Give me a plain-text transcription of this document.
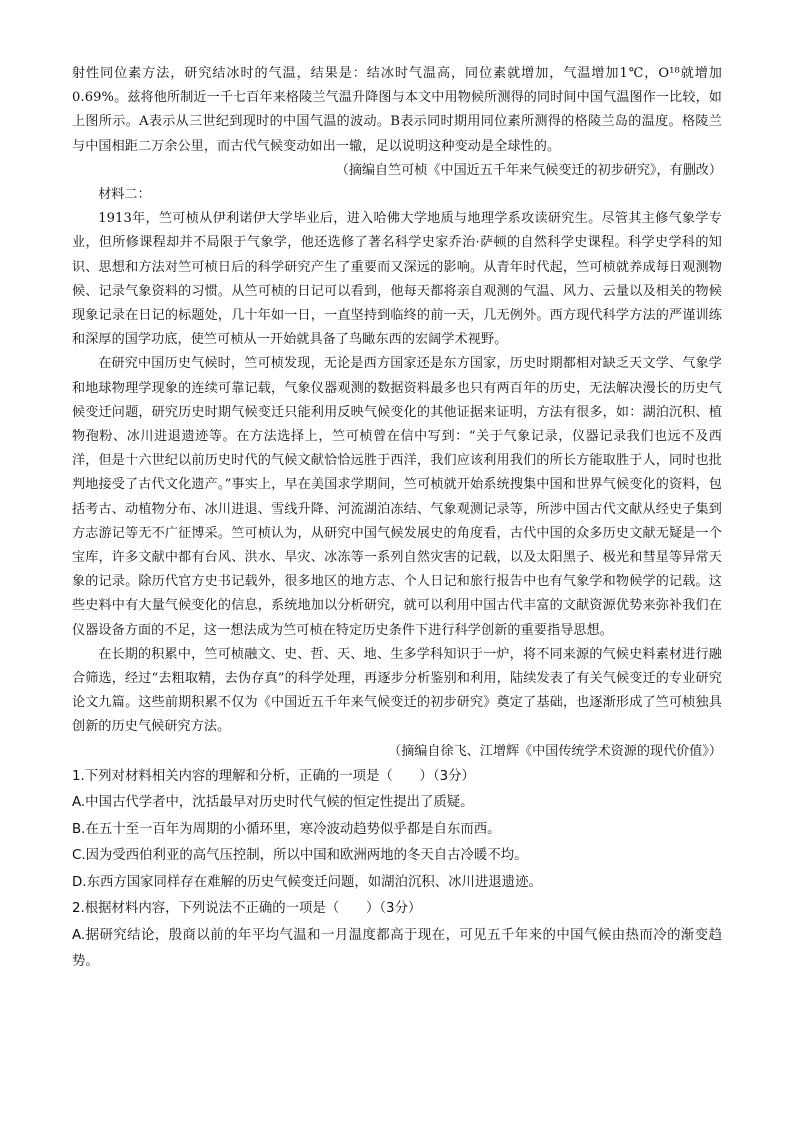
射性同位素方法，研究结冰时的气温，结果是：结冰时气温高，同位素就增加，气温增加1℃，O¹⁸就增加0.69%。兹将他所制近一千七百年来格陵兰气温升降图与本文中用物候所测得的同时间中国气温图作一比较，如上图所示。A表示从三世纪到现时的中国气温的波动。B表示同时期用同位素所测得的格陵兰岛的温度。格陵兰与中国相距二万余公里，而古代气候变动如出一辙，足以说明这种变动是全球性的。

（摘编自竺可桢《中国近五千年来气候变迁的初步研究》，有删改）

材料二：

1913年，竺可桢从伊利诺伊大学毕业后，进入哈佛大学地质与地理学系攻读研究生。尽管其主修气象学专业，但所修课程却并不局限于气象学，他还选修了著名科学史家乔治·萨顿的自然科学史课程。科学史学科的知识、思想和方法对竺可桢日后的科学研究产生了重要而又深远的影响。从青年时代起，竺可桢就养成每日观测物候、记录气象资料的习惯。从竺可桢的日记可以看到，他每天都将亲自观测的气温、风力、云量以及相关的物候现象记录在日记的标题处，几十年如一日，一直坚持到临终的前一天，几无例外。西方现代科学方法的严谨训练和深厚的国学功底，使竺可桢从一开始就具备了鸟瞰东西的宏阔学术视野。

在研究中国历史气候时，竺可桢发现，无论是西方国家还是东方国家，历史时期都相对缺乏天文学、气象学和地球物理学现象的连续可靠记载，气象仪器观测的数据资料最多也只有两百年的历史，无法解决漫长的历史气候变迁问题，研究历史时期气候变迁只能利用反映气候变化的其他证据来证明，方法有很多，如：湖泊沉积、植物孢粉、冰川进退遗迹等。在方法选择上，竺可桢曾在信中写到：“关于气象记录，仪器记录我们也远不及西洋，但是十六世纪以前历史时代的气候文献恰恰远胜于西洋，我们应该利用我们的所长方能取胜于人，同时也批判地接受了古代文化遗产。”事实上，早在美国求学期间，竺可桢就开始系统搜集中国和世界气候变化的资料，包括考古、动植物分布、冰川进退、雪线升降、河流湖泊冻结、气象观测记录等，所涉中国古代文献从经史子集到方志游记等无不广征博采。竺可桢认为，从研究中国气候发展史的角度看，古代中国的众多历史文献无疑是一个宝库，许多文献中都有台风、洪水、旱灾、冰冻等一系列自然灾害的记载，以及太阳黑子、极光和彗星等异常天象的记录。除历代官方史书记载外，很多地区的地方志、个人日记和旅行报告中也有气象学和物候学的记载。这些史料中有大量气候变化的信息，系统地加以分析研究，就可以利用中国古代丰富的文献资源优势来弥补我们在仪器设备方面的不足，这一想法成为竺可桢在特定历史条件下进行科学创新的重要指导思想。

在长期的积累中，竺可桢融文、史、哲、天、地、生多学科知识于一炉，将不同来源的气候史料素材进行融合筛选，经过“去粗取精，去伪存真”的科学处理，再逐步分析鉴别和利用，陆续发表了有关气候变迁的专业研究论文九篇。这些前期积累不仅为《中国近五千年来气候变迁的初步研究》奠定了基础，也逐渐形成了竺可桢独具创新的历史气候研究方法。

（摘编自徐飞、江增辉《中国传统学术资源的现代价值》）

1.下列对材料相关内容的理解和分析，正确的一项是（　　）（3分）

A.中国古代学者中，沈括最早对历史时代气候的恒定性提出了质疑。

B.在五十至一百年为周期的小循环里，寒冷波动趋势似乎都是自东而西。

C.因为受西伯利亚的高气压控制，所以中国和欧洲两地的冬天自古冷暖不均。

D.东西方国家同样存在难解的历史气候变迁问题，如湖泊沉积、冰川进退遗迹。

2.根据材料内容，下列说法不正确的一项是（　　）（3分）

A.据研究结论，殷商以前的年平均气温和一月温度都高于现在，可见五千年来的中国气候由热而冷的渐变趋势。
